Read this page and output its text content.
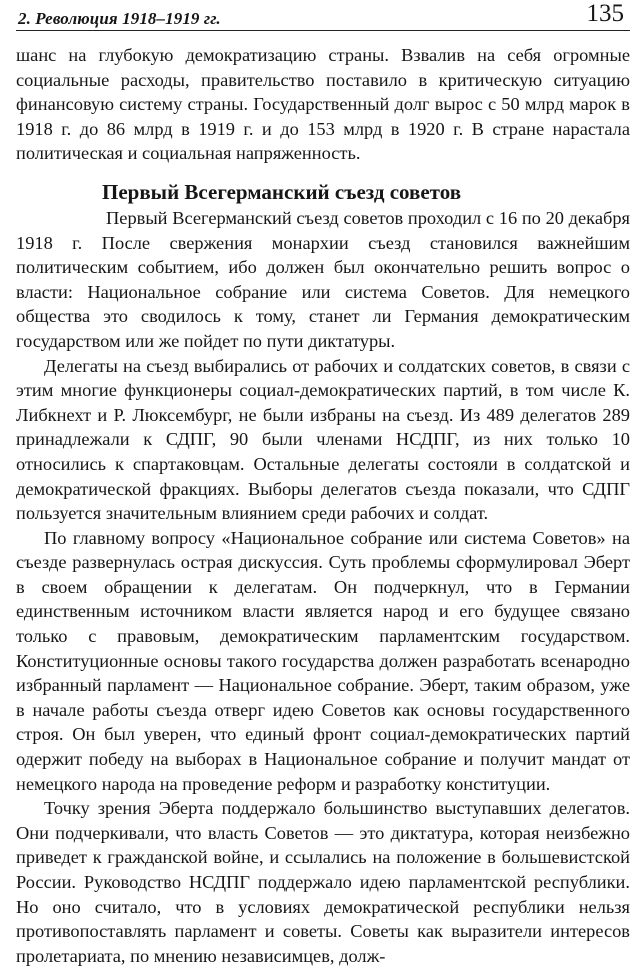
2. Революция 1918–1919 гг.	135

шанс на глубокую демократизацию страны. Взвалив на себя огромные социальные расходы, правительство поставило в критическую ситуацию финансовую систему страны. Государственный долг вырос с 50 млрд марок в 1918 г. до 86 млрд в 1919 г. и до 153 млрд в 1920 г. В стране нарастала политическая и социальная напряженность.

Первый Всегерманский съезд советов

Первый Всегерманский съезд советов проходил с 16 по 20 декабря 1918 г. После свержения монархии съезд становился важнейшим политическим событием, ибо должен был окончательно решить вопрос о власти: Национальное собрание или система Советов. Для немецкого общества это сводилось к тому, станет ли Германия демократическим государством или же пойдет по пути диктатуры.

Делегаты на съезд выбирались от рабочих и солдатских советов, в связи с этим многие функционеры социал-демократических партий, в том числе К. Либкнехт и Р. Люксембург, не были избраны на съезд. Из 489 делегатов 289 принадлежали к СДПГ, 90 были членами НСДПГ, из них только 10 относились к спартаковцам. Остальные делегаты состояли в солдатской и демократической фракциях. Выборы делегатов съезда показали, что СДПГ пользуется значительным влиянием среди рабочих и солдат.

По главному вопросу «Национальное собрание или система Советов» на съезде развернулась острая дискуссия. Суть проблемы сформулировал Эберт в своем обращении к делегатам. Он подчеркнул, что в Германии единственным источником власти является народ и его будущее связано только с правовым, демократическим парламентским государством. Конституционные основы такого государства должен разработать всенародно избранный парламент — Национальное собрание. Эберт, таким образом, уже в начале работы съезда отверг идею Советов как основы государственного строя. Он был уверен, что единый фронт социал-демократических партий одержит победу на выборах в Национальное собрание и получит мандат от немецкого народа на проведение реформ и разработку конституции.

Точку зрения Эберта поддержало большинство выступавших делегатов. Они подчеркивали, что власть Советов — это диктатура, которая неизбежно приведет к гражданской войне, и ссылались на положение в большевистской России. Руководство НСДПГ поддержало идею парламентской республики. Но оно считало, что в условиях демократической республики нельзя противопоставлять парламент и советы. Советы как выразители интересов пролетариата, по мнению независимцев, долж-
